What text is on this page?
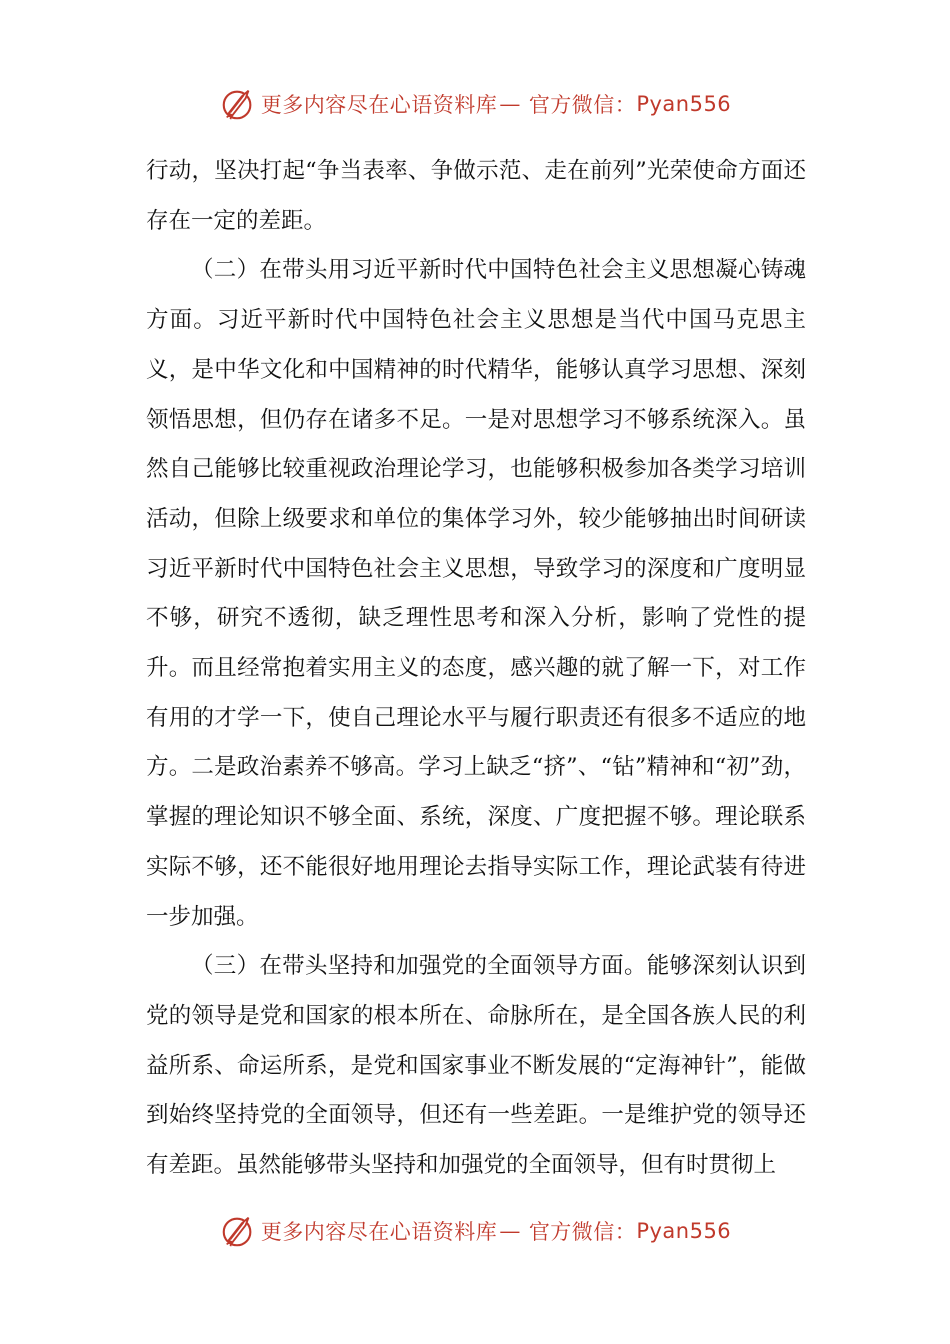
更多内容尽在心语资料库 — 官方微信： Pyan556

行动，坚决打起“争当表率、争做示范、走在前列”光荣使命方面还存在一定的差距。

（二）在带头用习近平新时代中国特色社会主义思想凝心铸魂方面。习近平新时代中国特色社会主义思想是当代中国马克思主义，是中华文化和中国精神的时代精华，能够认真学习思想、深刻领悟思想，但仍存在诸多不足。一是对思想学习不够系统深入。虽然自己能够比较重视政治理论学习，也能够积极参加各类学习培训活动，但除上级要求和单位的集体学习外，较少能够抽出时间研读习近平新时代中国特色社会主义思想，导致学习的深度和广度明显不够，研究不透彻，缺乏理性思考和深入分析，影响了党性的提升。而且经常抱着实用主义的态度，感兴趣的就了解一下，对工作有用的才学一下，使自己理论水平与履行职责还有很多不适应的地方。二是政治素养不够高。学习上缺乏“挤”、“钻”精神和“初”劲，掌握的理论知识不够全面、系统，深度、广度把握不够。理论联系实际不够，还不能很好地用理论去指导实际工作，理论武装有待进一步加强。

（三）在带头坚持和加强党的全面领导方面。能够深刻认识到党的领导是党和国家的根本所在、命脉所在，是全国各族人民的利益所系、命运所系，是党和国家事业不断发展的“定海神针”，能做到始终坚持党的全面领导，但还有一些差距。一是维护党的领导还有差距。虽然能够带头坚持和加强党的全面领导，但有时贯彻上

更多内容尽在心语资料库 — 官方微信： Pyan556
